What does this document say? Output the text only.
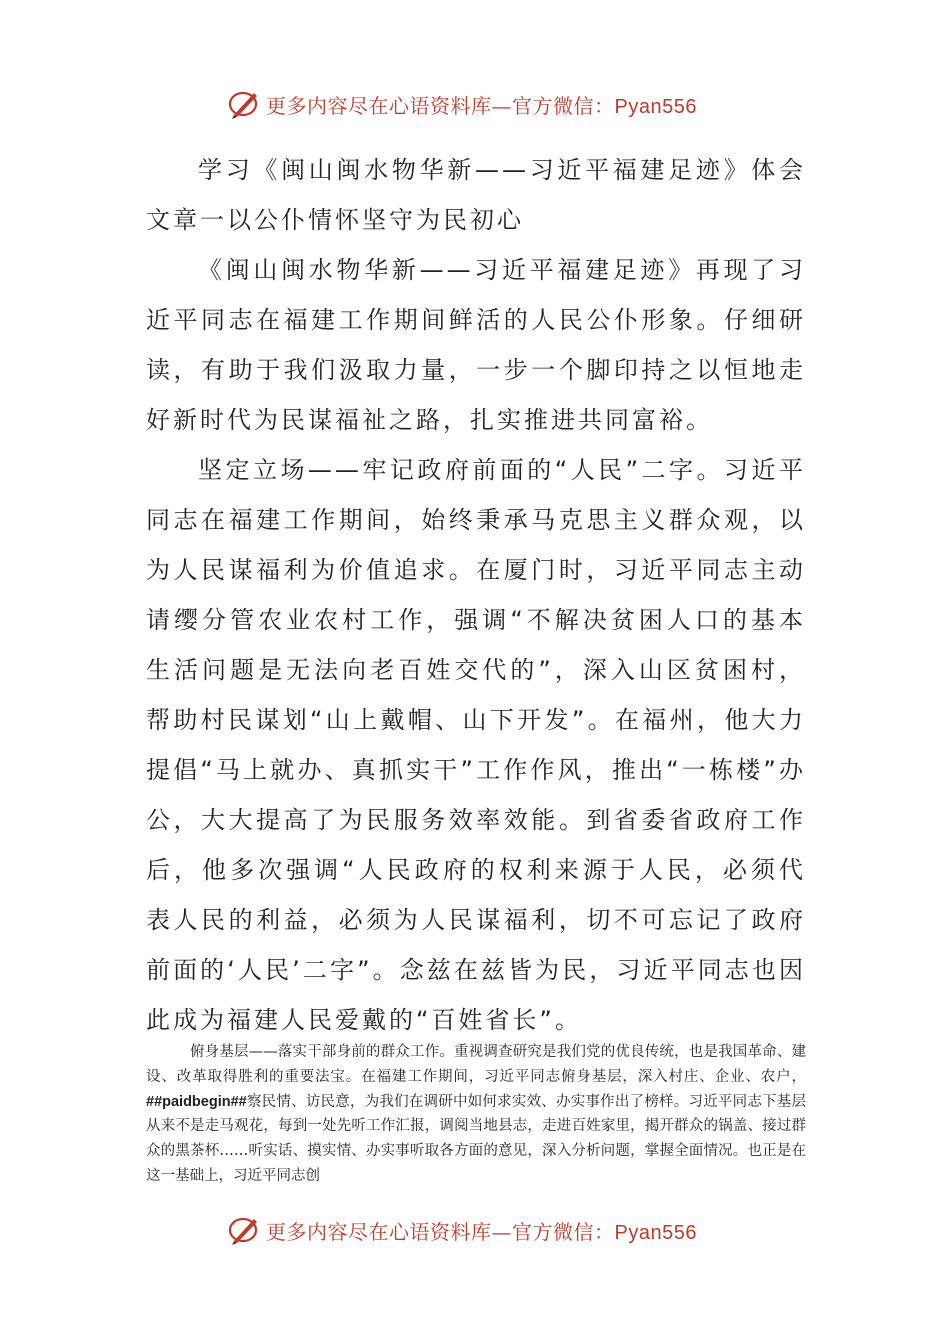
更多内容尽在心语资料库—官方微信：Pyan556

学习《闽山闽水物华新——习近平福建足迹》体会文章一以公仆情怀坚守为民初心

《闽山闽水物华新——习近平福建足迹》再现了习近平同志在福建工作期间鲜活的人民公仆形象。仔细研读，有助于我们汲取力量，一步一个脚印持之以恒地走好新时代为民谋福祉之路，扎实推进共同富裕。

坚定立场——牢记政府前面的“人民”二字。习近平同志在福建工作期间，始终秉承马克思主义群众观，以为人民谋福利为价值追求。在厦门时，习近平同志主动请缨分管农业农村工作，强调“不解决贫困人口的基本生活问题是无法向老百姓交代的”，深入山区贫困村，帮助村民谋划“山上戴帽、山下开发”。在福州，他大力提倡“马上就办、真抓实干”工作作风，推出“一栋楼”办公，大大提高了为民服务效率效能。到省委省政府工作后，他多次强调“人民政府的权利来源于人民，必须代表人民的利益，必须为人民谋福利，切不可忘记了政府前面的‘人民’二字”。念兹在兹皆为民，习近平同志也因此成为福建人民爱戴的“百姓省长”。

俯身基层——落实干部身前的群众工作。重视调查研究是我们党的优良传统，也是我国革命、建设、改革取得胜利的重要法宝。在福建工作期间，习近平同志俯身基层，深入村庄、企业、农户，##paidbegin##察民情、访民意，为我们在调研中如何求实效、办实事作出了榜样。习近平同志下基层从来不是走马观花，每到一处先听工作汇报，调阅当地县志，走进百姓家里，揭开群众的锅盖、接过群众的黑茶杯……听实话、摸实情、办实事听取各方面的意见，深入分析问题，掌握全面情况。也正是在这一基础上，习近平同志创

更多内容尽在心语资料库—官方微信：Pyan556
